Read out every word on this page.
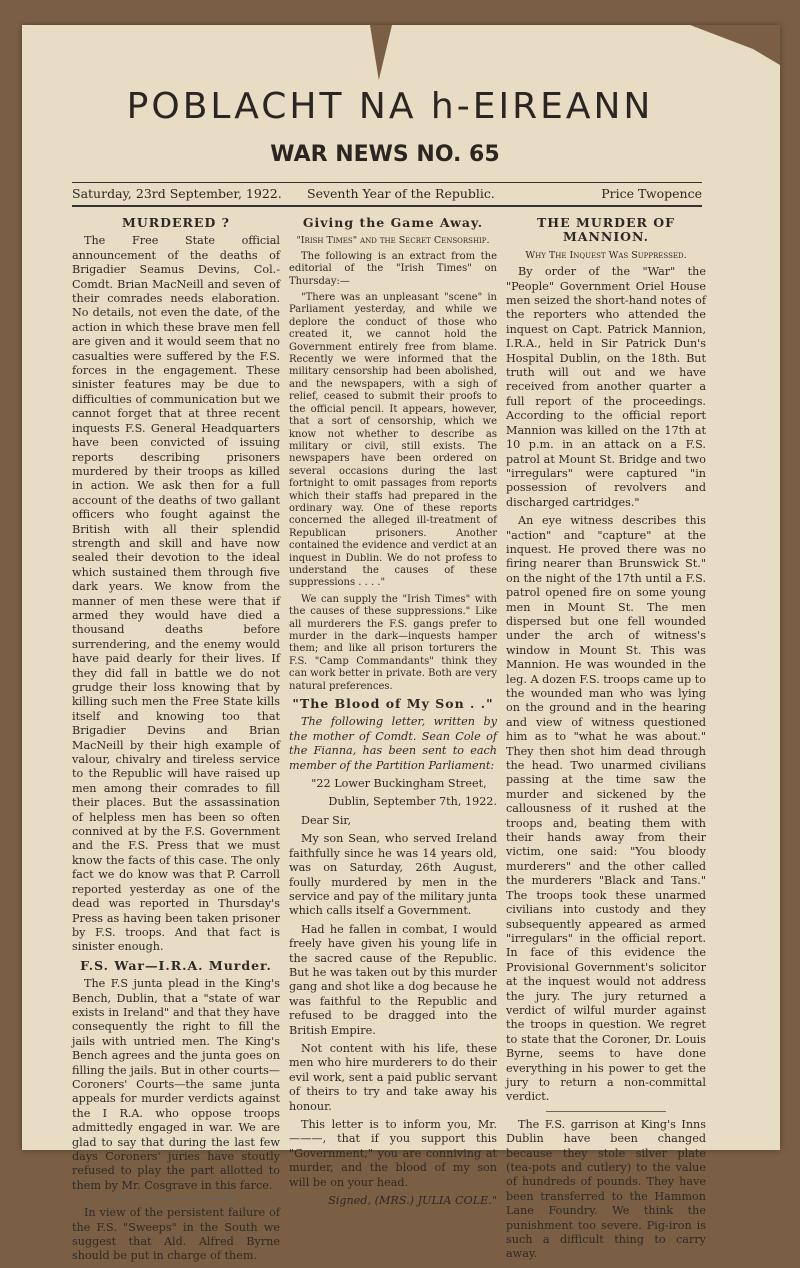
POBLACHT NA h-EIREANN
WAR NEWS NO. 65
Saturday, 23rd September, 1922. Seventh Year of the Republic.	Price Twopence
MURDERED ?

The Free State official announcement of the deaths of Brigadier Seamus Devins, Col.-Comdt. Brian MacNeill and seven of their comrades needs elaboration. No details, not even the date, of the action in which these brave men fell are given and it would seem that no casualties were suffered by the F.S. forces in the engagement. These sinister features may be due to difficulties of communication but we cannot forget that at three recent inquests F.S. General Headquarters have been convicted of issuing reports describing prisoners murdered by their troops as killed in action. We ask then for a full account of the deaths of two gallant officers who fought against the British with all their splendid strength and skill and have now sealed their devotion to the ideal which sustained them through five dark years. We know from the manner of men these were that if armed they would have died a thousand deaths before surrendering, and the enemy would have paid dearly for their lives. If they did fall in battle we do not grudge their loss knowing that by killing such men the Free State kills itself and knowing too that Brigadier Devins and Brian MacNeill by their high example of valour, chivalry and tireless service to the Republic will have raised up men among their comrades to fill their places. But the assassination of helpless men has been so often connived at by the F.S. Government and the F.S. Press that we must know the facts of this case. The only fact we do know was that P. Carroll reported yesterday as one of the dead was reported in Thursday's Press as having been taken prisoner by F.S. troops. And that fact is sinister enough.

F.S. War—I.R.A. Murder.

The F.S junta plead in the King's Bench, Dublin, that a "state of war exists in Ireland" and that they have consequently the right to fill the jails with untried men. The King's Bench agrees and the junta goes on filling the jails. But in other courts—Coroners' Courts—the same junta appeals for murder verdicts against the I R.A. who oppose troops admittedly engaged in war. We are glad to say that during the last few days Coroners' juries have stoutly refused to play the part allotted to them by Mr. Cosgrave in this farce.

In view of the persistent failure of the F.S. "Sweeps" in the South we suggest that Ald. Alfred Byrne should be put in charge of them.

Giving the Game Away.
"Irish Times" and the Secret Censorship.

The following is an extract from the editorial of the "Irish Times" on Thursday:—

"There was an unpleasant "scene" in Parliament yesterday, and while we deplore the conduct of those who created it, we cannot hold the Government entirely free from blame. Recently we were informed that the military censorship had been abolished, and the newspapers, with a sigh of relief, ceased to submit their proofs to the official pencil. It appears, however, that a sort of censorship, which we know not whether to describe as military or civil, still exists. The newspapers have been ordered on several occasions during the last fortnight to omit passages from reports which their staffs had prepared in the ordinary way. One of these reports concerned the alleged ill-treatment of Republican prisoners. Another contained the evidence and verdict at an inquest in Dublin. We do not profess to understand the causes of these suppressions . . . ."

We can supply the "Irish Times" with the causes of these suppressions." Like all murderers the F.S. gangs prefer to murder in the dark—inquests hamper them; and like all prison torturers the F.S. "Camp Commandants" think they can work better in private. Both are very natural preferences.

"The Blood of My Son . ."

The following letter, written by the mother of Comdt. Sean Cole of the Fianna, has been sent to each member of the Partition Parliament:

"22 Lower Buckingham Street,

Dublin, September 7th, 1922.

Dear Sir,

My son Sean, who served Ireland faithfully since he was 14 years old, was on Saturday, 26th August, foully murdered by men in the service and pay of the military junta which calls itself a Government.

Had he fallen in combat, I would freely have given his young life in the sacred cause of the Republic. But he was taken out by this murder gang and shot like a dog because he was faithful to the Republic and refused to be dragged into the British Empire.

Not content with his life, these men who hire murderers to do their evil work, sent a paid public servant of theirs to try and take away his honour.

This letter is to inform you, Mr.———, that if you support this "Government," you are conniving at murder, and the blood of my son will be on your head.

Signed, (MRS.) JULIA COLE."

THE MURDER OF MANNION.
Why The Inquest Was Suppressed.

By order of the "War" the "People" Government Oriel House men seized the short-hand notes of the reporters who attended the inquest on Capt. Patrick Mannion, I.R.A., held in Sir Patrick Dun's Hospital Dublin, on the 18th. But truth will out and we have received from another quarter a full report of the proceedings. According to the official report Mannion was killed on the 17th at 10 p.m. in an attack on a F.S. patrol at Mount St. Bridge and two "irregulars" were captured "in possession of revolvers and discharged cartridges."

An eye witness describes this "action" and "capture" at the inquest. He proved there was no firing nearer than Brunswick St." on the night of the 17th until a F.S. patrol opened fire on some young men in Mount St. The men dispersed but one fell wounded under the arch of witness's window in Mount St. This was Mannion. He was wounded in the leg. A dozen F.S. troops came up to the wounded man who was lying on the ground and in the hearing and view of witness questioned him as to "what he was about." They then shot him dead through the head. Two unarmed civilians passing at the time saw the murder and sickened by the callousness of it rushed at the troops and, beating them with their hands away from their victim, one said: "You bloody murderers" and the other called the murderers "Black and Tans." The troops took these unarmed civilians into custody and they subsequently appeared as armed "irregulars" in the official report. In face of this evidence the Provisional Government's solicitor at the inquest would not address the jury. The jury returned a verdict of wilful murder against the troops in question. We regret to state that the Coroner, Dr. Louis Byrne, seems to have done everything in his power to get the jury to return a non-committal verdict.

The F.S. garrison at King's Inns Dublin have been changed because they stole silver plate (tea-pots and cutlery) to the value of hundreds of pounds. They have been transferred to the Hammon Lane Foundry. We think the punishment too severe. Pig-iron is such a difficult thing to carry away.
